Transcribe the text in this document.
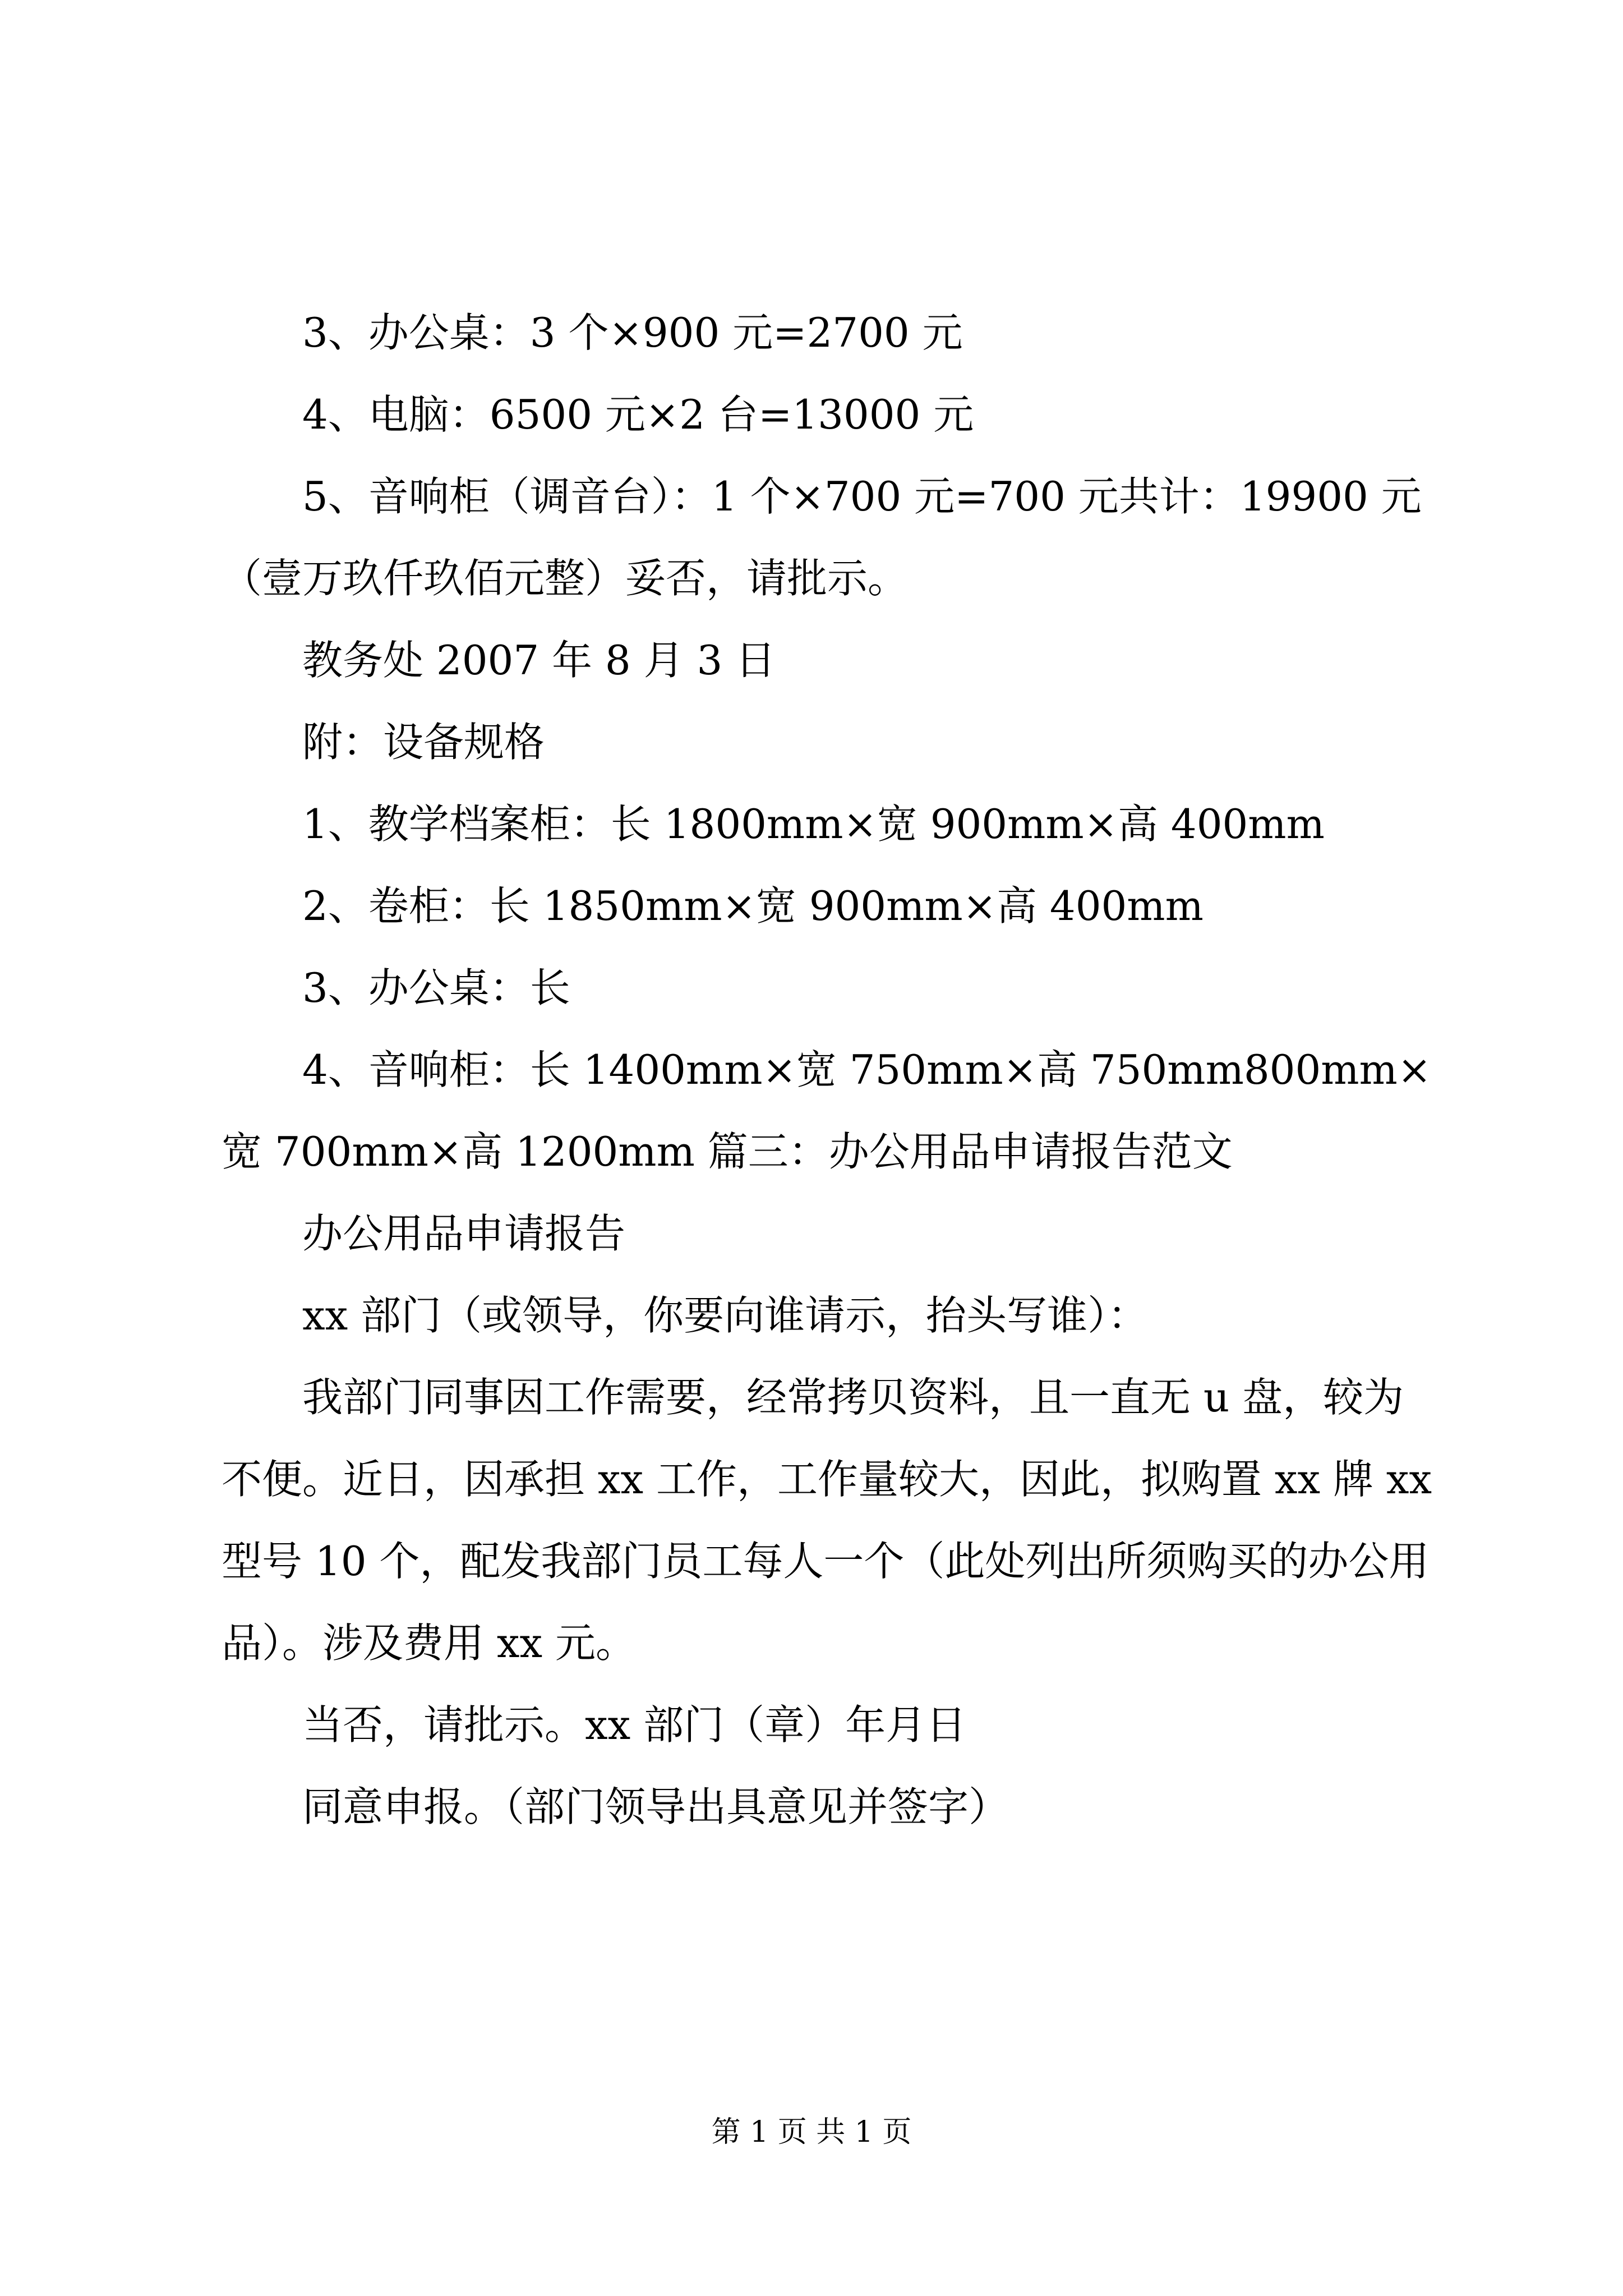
3、办公桌：3 个×900 元=2700 元

4、电脑：6500 元×2 台=13000 元

5、音响柜（调音台）：1 个×700 元=700 元共计：19900 元（壹万玖仟玖佰元整）妥否，请批示。

教务处 2007 年 8 月 3 日

附：设备规格

1、教学档案柜：长 1800mm×宽 900mm×高 400mm

2、卷柜：长 1850mm×宽 900mm×高 400mm

3、办公桌：长

4、音响柜：长 1400mm×宽 750mm×高 750mm800mm×宽 700mm×高 1200mm 篇三：办公用品申请报告范文

办公用品申请报告

xx 部门（或领导，你要向谁请示，抬头写谁）：

我部门同事因工作需要，经常拷贝资料，且一直无 u 盘，较为不便。近日，因承担 xx 工作，工作量较大，因此，拟购置 xx 牌 xx 型号 10 个，配发我部门员工每人一个（此处列出所须购买的办公用品）。涉及费用 xx 元。

当否，请批示。xx 部门（章）年月日

同意申报。（部门领导出具意见并签字）

第 1 页 共 1 页
